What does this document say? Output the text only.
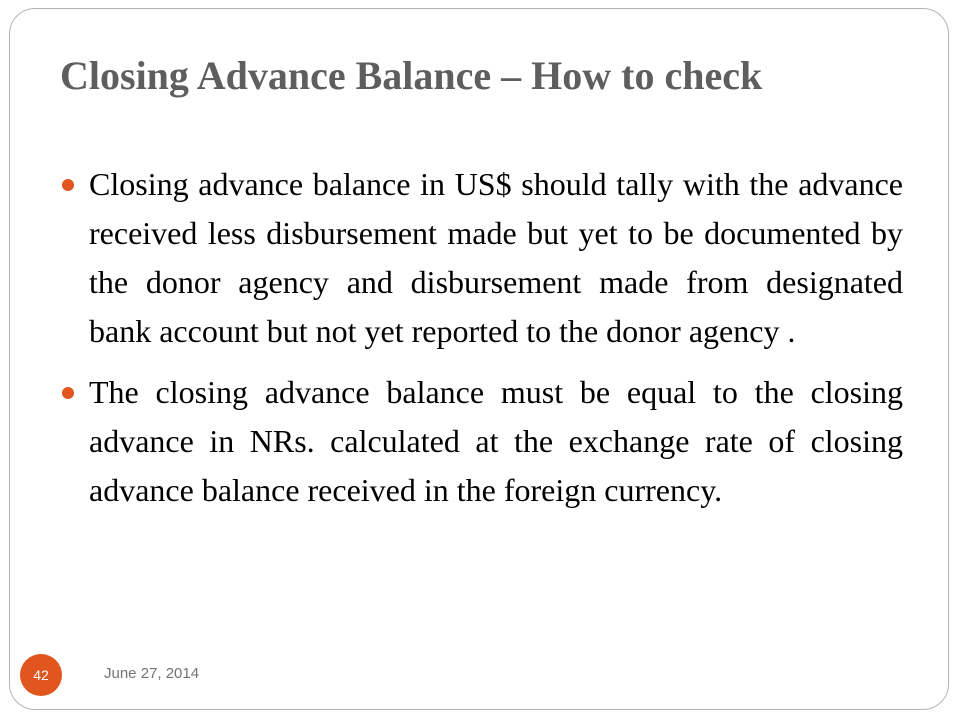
Closing Advance Balance – How to check
Closing advance balance in US$ should tally with the advance received less disbursement made but yet to be documented by the donor agency and disbursement made from designated bank account but not yet reported to the donor agency .
The closing advance balance must be equal to the closing advance in NRs. calculated at the exchange rate of closing advance balance received in the foreign currency.
42	June 27, 2014
